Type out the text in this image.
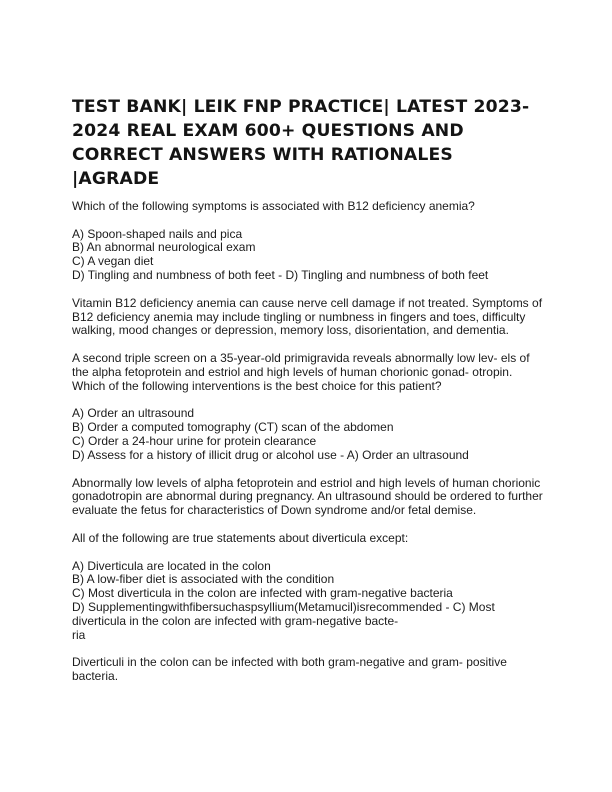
TEST BANK| LEIK FNP PRACTICE| LATEST 2023-2024 REAL EXAM 600+ QUESTIONS AND CORRECT ANSWERS WITH RATIONALES |AGRADE

Which of the following symptoms is associated with B12 deficiency anemia?

A) Spoon-shaped nails and pica
B) An abnormal neurological exam
C) A vegan diet
D) Tingling and numbness of both feet - D) Tingling and numbness of both feet

Vitamin B12 deficiency anemia can cause nerve cell damage if not treated. Symptoms of B12 deficiency anemia may include tingling or numbness in fingers and toes, difficulty walking, mood changes or depression, memory loss, disorientation, and dementia.

A second triple screen on a 35-year-old primigravida reveals abnormally low lev- els of the alpha fetoprotein and estriol and high levels of human chorionic gonad- otropin. Which of the following interventions is the best choice for this patient?

A) Order an ultrasound
B) Order a computed tomography (CT) scan of the abdomen
C) Order a 24-hour urine for protein clearance
D) Assess for a history of illicit drug or alcohol use - A) Order an ultrasound

Abnormally low levels of alpha fetoprotein and estriol and high levels of human chorionic gonadotropin are abnormal during pregnancy. An ultrasound should be ordered to further evaluate the fetus for characteristics of Down syndrome and/or fetal demise.

All of the following are true statements about diverticula except:

A) Diverticula are located in the colon
B) A low-fiber diet is associated with the condition
C) Most diverticula in the colon are infected with gram-negative bacteria
D) Supplementingwithfibersuchaspsyllium(Metamucil)isrecommended - C) Most diverticula in the colon are infected with gram-negative bacte-
ria

Diverticuli in the colon can be infected with both gram-negative and gram- positive bacteria.
